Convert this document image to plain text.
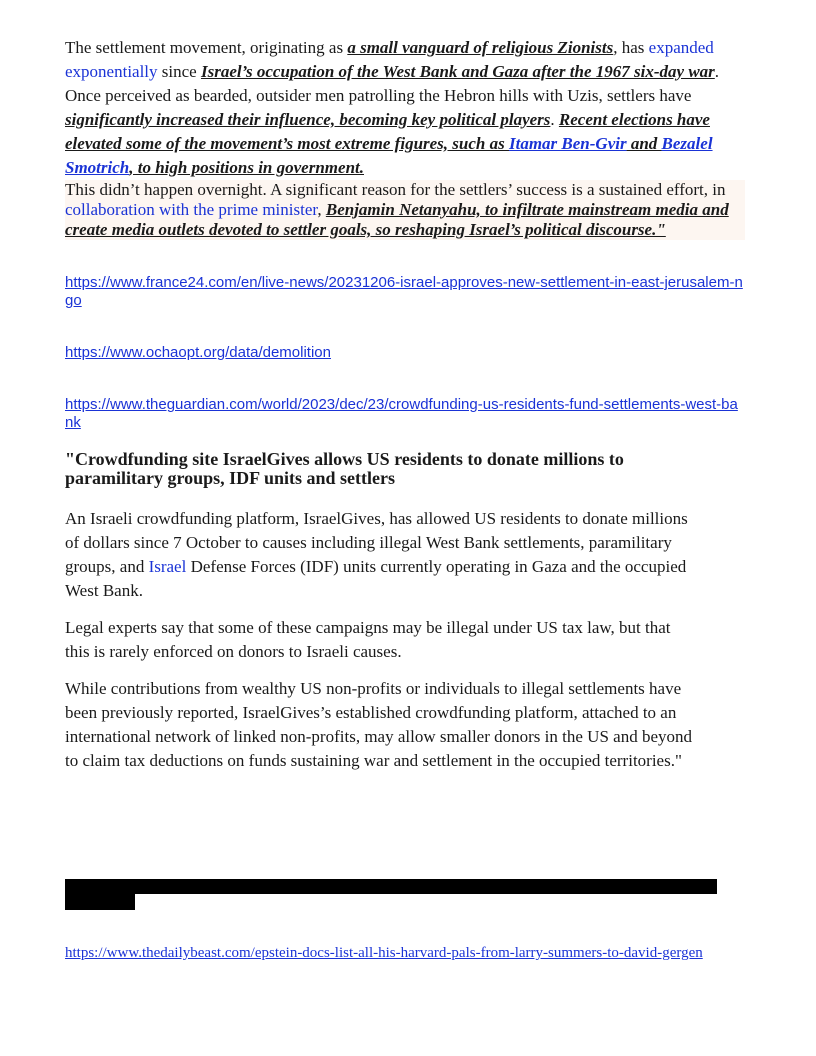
The settlement movement, originating as a small vanguard of religious Zionists, has expanded exponentially since Israel’s occupation of the West Bank and Gaza after the 1967 six-day war. Once perceived as bearded, outsider men patrolling the Hebron hills with Uzis, settlers have significantly increased their influence, becoming key political players. Recent elections have elevated some of the movement’s most extreme figures, such as Itamar Ben-Gvir and Bezalel Smotrich, to high positions in government.

This didn’t happen overnight. A significant reason for the settlers’ success is a sustained effort, in collaboration with the prime minister, Benjamin Netanyahu, to infiltrate mainstream media and create media outlets devoted to settler goals, so reshaping Israel’s political discourse."

https://www.france24.com/en/live-news/20231206-israel-approves-new-settlement-in-east-jerusalem-ngo
https://www.ochaopt.org/data/demolition
https://www.theguardian.com/world/2023/dec/23/crowdfunding-us-residents-fund-settlements-west-bank
"Crowdfunding site IsraelGives allows US residents to donate millions to paramilitary groups, IDF units and settlers

An Israeli crowdfunding platform, IsraelGives, has allowed US residents to donate millions of dollars since 7 October to causes including illegal West Bank settlements, paramilitary groups, and Israel Defense Forces (IDF) units currently operating in Gaza and the occupied West Bank.

Legal experts say that some of these campaigns may be illegal under US tax law, but that this is rarely enforced on donors to Israeli causes.

While contributions from wealthy US non-profits or individuals to illegal settlements have been previously reported, IsraelGives’s established crowdfunding platform, attached to an international network of linked non-profits, may allow smaller donors in the US and beyond to claim tax deductions on funds sustaining war and settlement in the occupied territories."

https://www.thedailybeast.com/epstein-docs-list-all-his-harvard-pals-from-larry-summers-to-david-gergen
